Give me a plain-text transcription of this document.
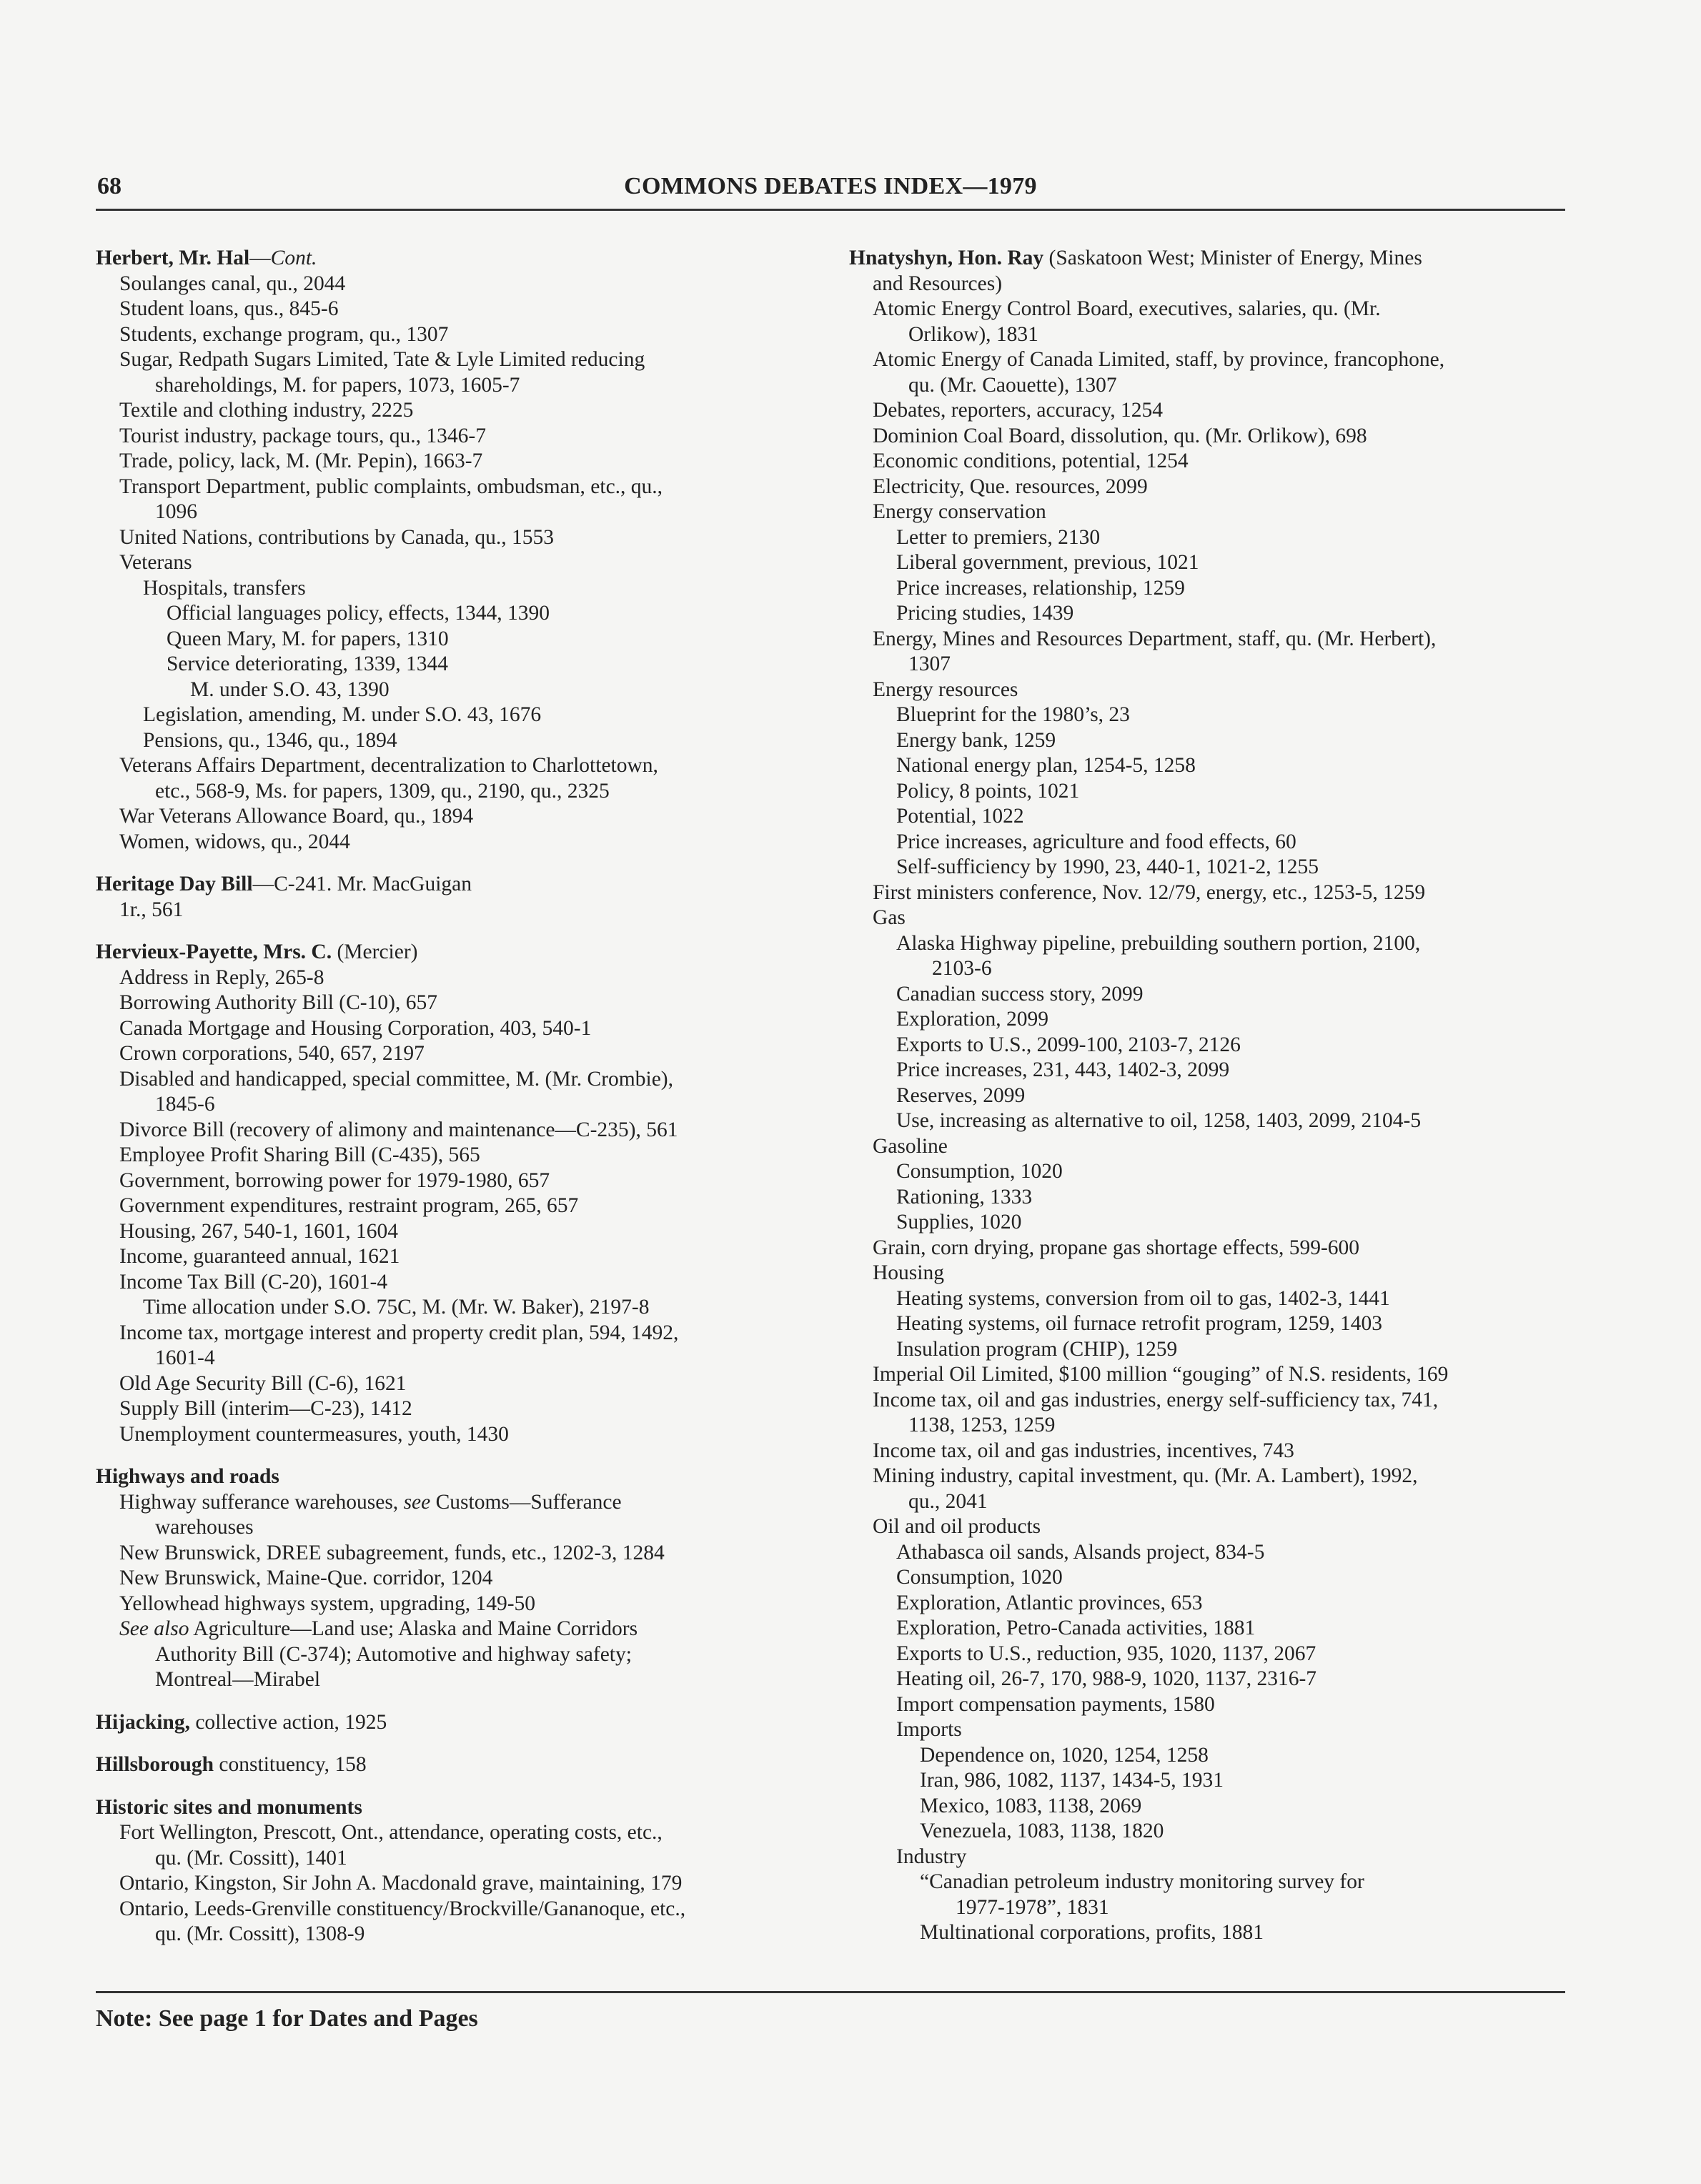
68	COMMONS DEBATES INDEX—1979
Herbert, Mr. Hal—Cont.
Soulanges canal, qu., 2044
Student loans, qus., 845-6
Students, exchange program, qu., 1307
Sugar, Redpath Sugars Limited, Tate & Lyle Limited reducing
shareholdings, M. for papers, 1073, 1605-7
Textile and clothing industry, 2225
Tourist industry, package tours, qu., 1346-7
Trade, policy, lack, M. (Mr. Pepin), 1663-7
Transport Department, public complaints, ombudsman, etc., qu.,
1096
United Nations, contributions by Canada, qu., 1553
Veterans
Hospitals, transfers
Official languages policy, effects, 1344, 1390
Queen Mary, M. for papers, 1310
Service deteriorating, 1339, 1344
M. under S.O. 43, 1390
Legislation, amending, M. under S.O. 43, 1676
Pensions, qu., 1346, qu., 1894
Veterans Affairs Department, decentralization to Charlottetown,
etc., 568-9, Ms. for papers, 1309, qu., 2190, qu., 2325
War Veterans Allowance Board, qu., 1894
Women, widows, qu., 2044
Heritage Day Bill—C-241. Mr. MacGuigan
1r., 561
Hervieux-Payette, Mrs. C. (Mercier)
Address in Reply, 265-8
Borrowing Authority Bill (C-10), 657
Canada Mortgage and Housing Corporation, 403, 540-1
Crown corporations, 540, 657, 2197
Disabled and handicapped, special committee, M. (Mr. Crombie),
1845-6
Divorce Bill (recovery of alimony and maintenance—C-235), 561
Employee Profit Sharing Bill (C-435), 565
Government, borrowing power for 1979-1980, 657
Government expenditures, restraint program, 265, 657
Housing, 267, 540-1, 1601, 1604
Income, guaranteed annual, 1621
Income Tax Bill (C-20), 1601-4
Time allocation under S.O. 75C, M. (Mr. W. Baker), 2197-8
Income tax, mortgage interest and property credit plan, 594, 1492,
1601-4
Old Age Security Bill (C-6), 1621
Supply Bill (interim—C-23), 1412
Unemployment countermeasures, youth, 1430
Highways and roads
Highway sufferance warehouses, see Customs—Sufferance
warehouses
New Brunswick, DREE subagreement, funds, etc., 1202-3, 1284
New Brunswick, Maine-Que. corridor, 1204
Yellowhead highways system, upgrading, 149-50
See also Agriculture—Land use; Alaska and Maine Corridors
Authority Bill (C-374); Automotive and highway safety;
Montreal—Mirabel
Hijacking, collective action, 1925
Hillsborough constituency, 158
Historic sites and monuments
Fort Wellington, Prescott, Ont., attendance, operating costs, etc.,
qu. (Mr. Cossitt), 1401
Ontario, Kingston, Sir John A. Macdonald grave, maintaining, 179
Ontario, Leeds-Grenville constituency/Brockville/Gananoque, etc.,
qu. (Mr. Cossitt), 1308-9
Hnatyshyn, Hon. Ray (Saskatoon West; Minister of Energy, Mines
and Resources)
Atomic Energy Control Board, executives, salaries, qu. (Mr.
Orlikow), 1831
Atomic Energy of Canada Limited, staff, by province, francophone,
qu. (Mr. Caouette), 1307
Debates, reporters, accuracy, 1254
Dominion Coal Board, dissolution, qu. (Mr. Orlikow), 698
Economic conditions, potential, 1254
Electricity, Que. resources, 2099
Energy conservation
Letter to premiers, 2130
Liberal government, previous, 1021
Price increases, relationship, 1259
Pricing studies, 1439
Energy, Mines and Resources Department, staff, qu. (Mr. Herbert),
1307
Energy resources
Blueprint for the 1980’s, 23
Energy bank, 1259
National energy plan, 1254-5, 1258
Policy, 8 points, 1021
Potential, 1022
Price increases, agriculture and food effects, 60
Self-sufficiency by 1990, 23, 440-1, 1021-2, 1255
First ministers conference, Nov. 12/79, energy, etc., 1253-5, 1259
Gas
Alaska Highway pipeline, prebuilding southern portion, 2100,
2103-6
Canadian success story, 2099
Exploration, 2099
Exports to U.S., 2099-100, 2103-7, 2126
Price increases, 231, 443, 1402-3, 2099
Reserves, 2099
Use, increasing as alternative to oil, 1258, 1403, 2099, 2104-5
Gasoline
Consumption, 1020
Rationing, 1333
Supplies, 1020
Grain, corn drying, propane gas shortage effects, 599-600
Housing
Heating systems, conversion from oil to gas, 1402-3, 1441
Heating systems, oil furnace retrofit program, 1259, 1403
Insulation program (CHIP), 1259
Imperial Oil Limited, $100 million “gouging” of N.S. residents, 169
Income tax, oil and gas industries, energy self-sufficiency tax, 741,
1138, 1253, 1259
Income tax, oil and gas industries, incentives, 743
Mining industry, capital investment, qu. (Mr. A. Lambert), 1992,
qu., 2041
Oil and oil products
Athabasca oil sands, Alsands project, 834-5
Consumption, 1020
Exploration, Atlantic provinces, 653
Exploration, Petro-Canada activities, 1881
Exports to U.S., reduction, 935, 1020, 1137, 2067
Heating oil, 26-7, 170, 988-9, 1020, 1137, 2316-7
Import compensation payments, 1580
Imports
Dependence on, 1020, 1254, 1258
Iran, 986, 1082, 1137, 1434-5, 1931
Mexico, 1083, 1138, 2069
Venezuela, 1083, 1138, 1820
Industry
“Canadian petroleum industry monitoring survey for
1977-1978”, 1831
Multinational corporations, profits, 1881
Note: See page 1 for Dates and Pages
